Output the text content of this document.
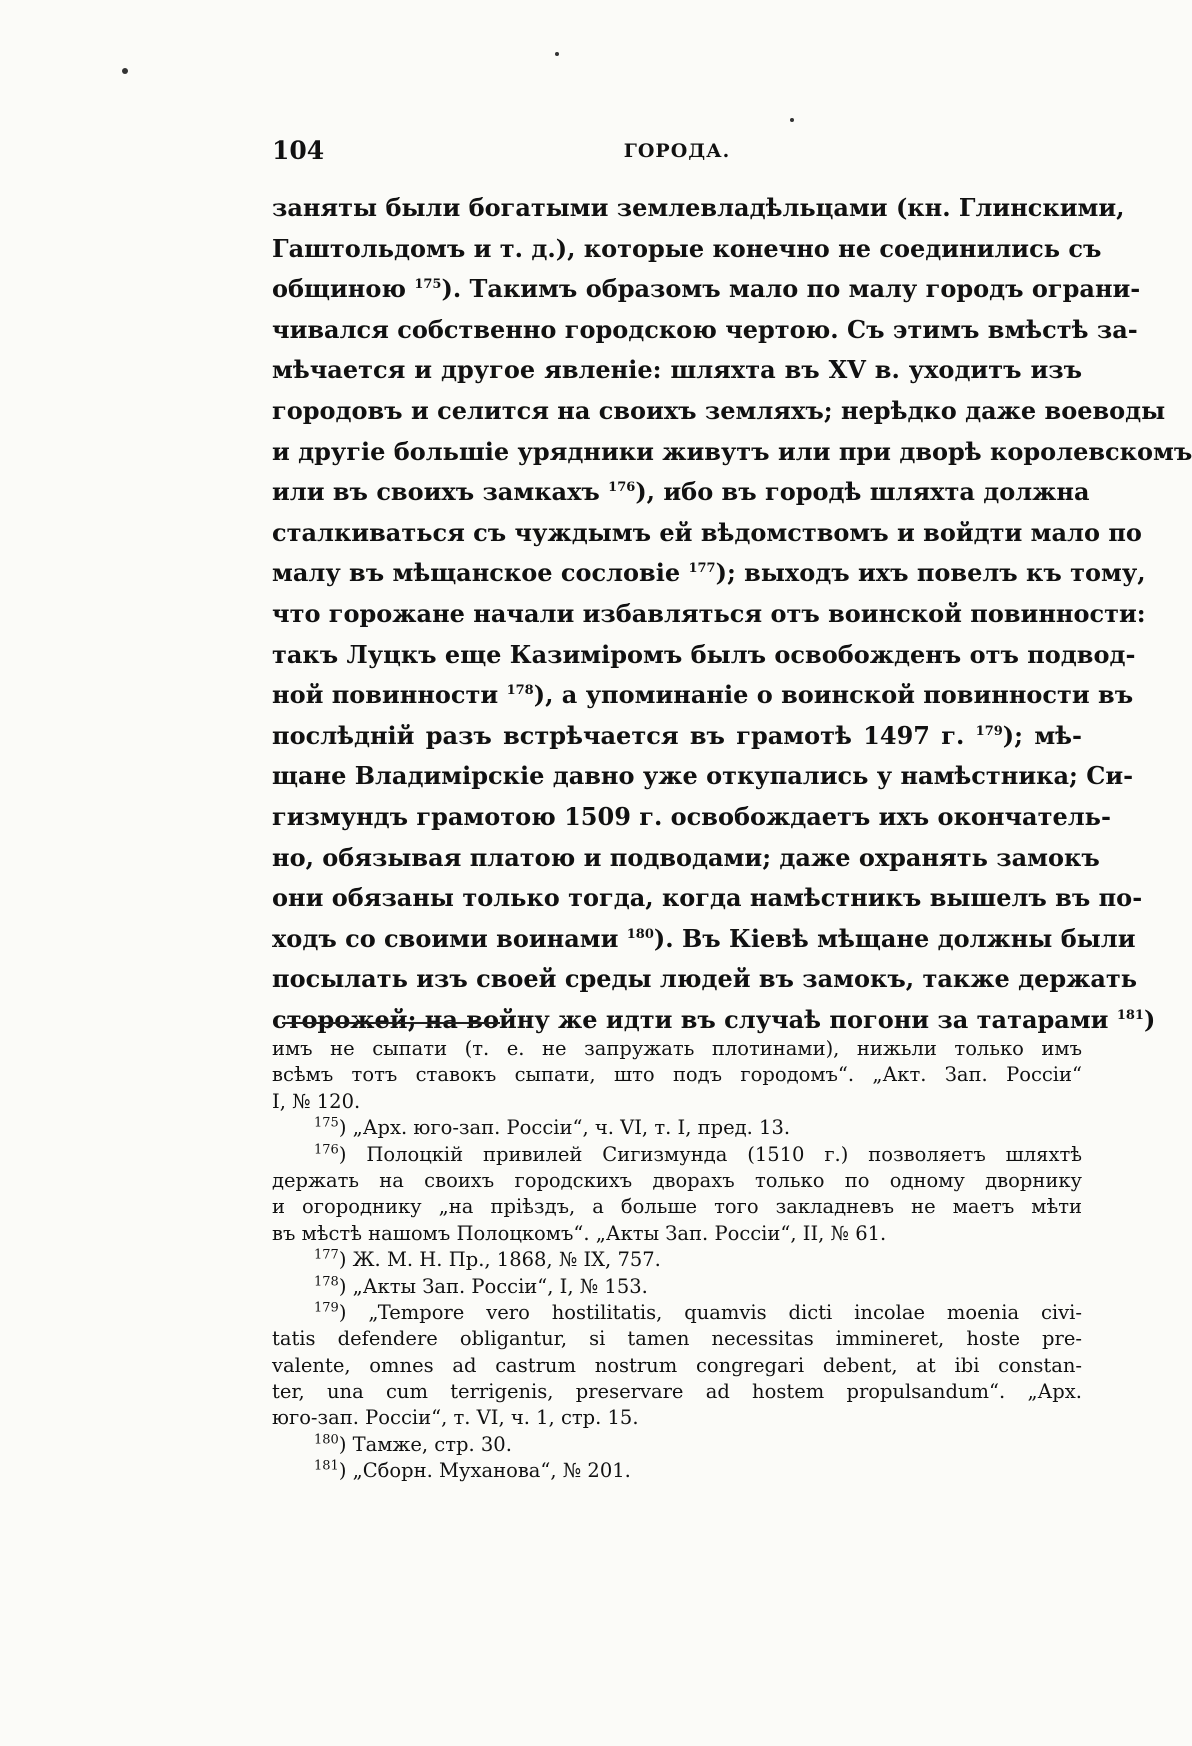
104	ГОРОДА.
заняты были богатыми землевладѣльцами (кн. Глинскими,
Гаштольдомъ и т. д.), которые конечно не соединились съ
общиною $^{175}$). Такимъ образомъ мало по малу городъ ограни-
чивался собственно городскою чертою. Съ этимъ вмѣстѣ за-
мѣчается и другое явленіе: шляхта въ XV в. уходитъ изъ
городовъ и селится на своихъ земляхъ; нерѣдко даже воеводы
и другіе большіе урядники живутъ или при дворѣ королевскомъ
или въ своихъ замкахъ $^{176}$), ибо въ городѣ шляхта должна
сталкиваться съ чуждымъ ей вѣдомствомъ и войдти мало по
малу въ мѣщанское сословіе $^{177}$); выходъ ихъ повелъ къ тому,
что горожане начали избавляться отъ воинской повинности:
такъ Луцкъ еще Казиміромъ былъ освобожденъ отъ подвод-
ной повинности $^{178}$), а упоминаніе о воинской повинности въ
послѣдній разъ встрѣчается въ грамотѣ 1497 г. $^{179}$); мѣ-
щане Владимірскіе давно уже откупались у намѣстника; Си-
гизмундъ грамотою 1509 г. освобождаетъ ихъ окончатель-
но, обязывая платою и подводами; даже охранять замокъ
они обязаны только тогда, когда намѣстникъ вышелъ въ по-
ходъ со своими воинами $^{180}$). Въ Кіевѣ мѣщане должны были
посылать изъ своей среды людей въ замокъ, также держать
сторожей; на войну же идти въ случаѣ погони за татарами $^{181}$)
имъ не сыпати (т. е. не запружать плотинами), нижьли только имъ
всѣмъ тотъ ставокъ сыпати, што подъ городомъ“. „Акт. Зап. Россіи“
I, № 120.
$^{175}$) „Арх. юго-зап. Россіи“, ч. VI, т. I, пред. 13.
$^{176}$) Полоцкій привилей Сигизмунда (1510 г.) позволяетъ шляхтѣ
держать на своихъ городскихъ дворахъ только по одному дворнику
и огороднику „на пріѣздъ, а больше того закладневъ не маетъ мѣти
въ мѣстѣ нашомъ Полоцкомъ“. „Акты Зап. Россіи“, II, № 61.
$^{177}$) Ж. М. Н. Пр., 1868, № IX, 757.
$^{178}$) „Акты Зап. Россіи“, I, № 153.
$^{179}$) „Tempore vero hostilitatis, quamvis dicti incolae moenia civi-
tatis defendere obligantur, si tamen necessitas immineret, hoste pre-
valente, omnes ad castrum nostrum congregari debent, at ibi constan-
ter, una cum terrigenis, preservare ad hostem propulsandum“. „Арх.
юго-зап. Россіи“, т. VI, ч. 1, стр. 15.
$^{180}$) Тамже, стр. 30.
$^{181}$) „Сборн. Муханова“, № 201.
